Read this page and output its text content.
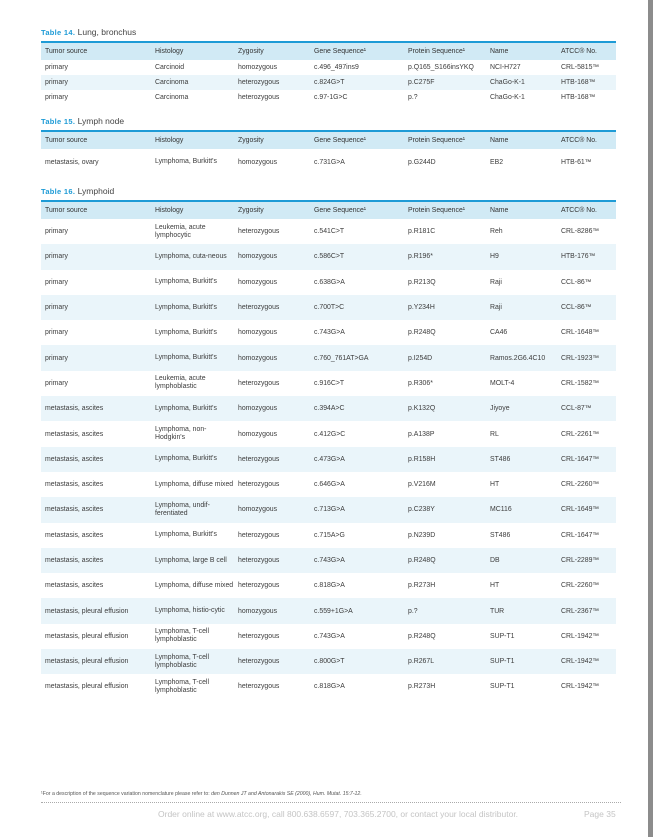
Table 14. Lung, bronchus
Tumor source	Histology	Zygosity	Gene Sequence¹	Protein Sequence¹	Name	ATCC® No.
primary	Carcinoid	homozygous	c.496_497ins9	p.Q165_S166insYKQ	NCI-H727	CRL-5815™
primary	Carcinoma	heterozygous	c.824G>T	p.C275F	ChaGo-K-1	HTB-168™
primary	Carcinoma	heterozygous	c.97-1G>C	p.?	ChaGo-K-1	HTB-168™
Table 15. Lymph node
Tumor source	Histology	Zygosity	Gene Sequence¹	Protein Sequence¹	Name	ATCC® No.
metastasis, ovary	Lymphoma, Burkitt's	homozygous	c.731G>A	p.G244D	EB2	HTB-61™
Table 16. Lymphoid
Tumor source	Histology	Zygosity	Gene Sequence¹	Protein Sequence¹	Name	ATCC® No.
primary	Leukemia, acute lymphocytic	heterozygous	c.541C>T	p.R181C	Reh	CRL-8286™
primary	Lymphoma, cuta-neous	homozygous	c.586C>T	p.R196*	H9	HTB-176™
primary	Lymphoma, Burkitt's	homozygous	c.638G>A	p.R213Q	Raji	CCL-86™
primary	Lymphoma, Burkitt's	heterozygous	c.700T>C	p.Y234H	Raji	CCL-86™
primary	Lymphoma, Burkitt's	homozygous	c.743G>A	p.R248Q	CA46	CRL-1648™
primary	Lymphoma, Burkitt's	homozygous	c.760_761AT>GA	p.I254D	Ramos.2G6.4C10	CRL-1923™
primary	Leukemia, acute lymphoblastic	heterozygous	c.916C>T	p.R306*	MOLT-4	CRL-1582™
metastasis, ascites	Lymphoma, Burkitt's	homozygous	c.394A>C	p.K132Q	Jiyoye	CCL-87™
metastasis, ascites	Lymphoma, non-Hodgkin's	homozygous	c.412G>C	p.A138P	RL	CRL-2261™
metastasis, ascites	Lymphoma, Burkitt's	heterozygous	c.473G>A	p.R158H	ST486	CRL-1647™
metastasis, ascites	Lymphoma, diffuse mixed	heterozygous	c.646G>A	p.V216M	HT	CRL-2260™
metastasis, ascites	Lymphoma, undif-ferentiated	homozygous	c.713G>A	p.C238Y	MC116	CRL-1649™
metastasis, ascites	Lymphoma, Burkitt's	heterozygous	c.715A>G	p.N239D	ST486	CRL-1647™
metastasis, ascites	Lymphoma, large B cell	heterozygous	c.743G>A	p.R248Q	DB	CRL-2289™
metastasis, ascites	Lymphoma, diffuse mixed	heterozygous	c.818G>A	p.R273H	HT	CRL-2260™
metastasis, pleural effusion	Lymphoma, histio-cytic	homozygous	c.559+1G>A	p.?	TUR	CRL-2367™
metastasis, pleural effusion	Lymphoma, T-cell lymphoblastic	heterozygous	c.743G>A	p.R248Q	SUP-T1	CRL-1942™
metastasis, pleural effusion	Lymphoma, T-cell lymphoblastic	heterozygous	c.800G>T	p.R267L	SUP-T1	CRL-1942™
metastasis, pleural effusion	Lymphoma, T-cell lymphoblastic	heterozygous	c.818G>A	p.R273H	SUP-T1	CRL-1942™
¹For a description of the sequence variation nomenclature please refer to: den Dunnen JT and Antonarakis SE (2000), Hum. Mutat. 15:7-12.
Order online at www.atcc.org, call 800.638.6597, 703.365.2700, or contact your local distributor.	Page 35
